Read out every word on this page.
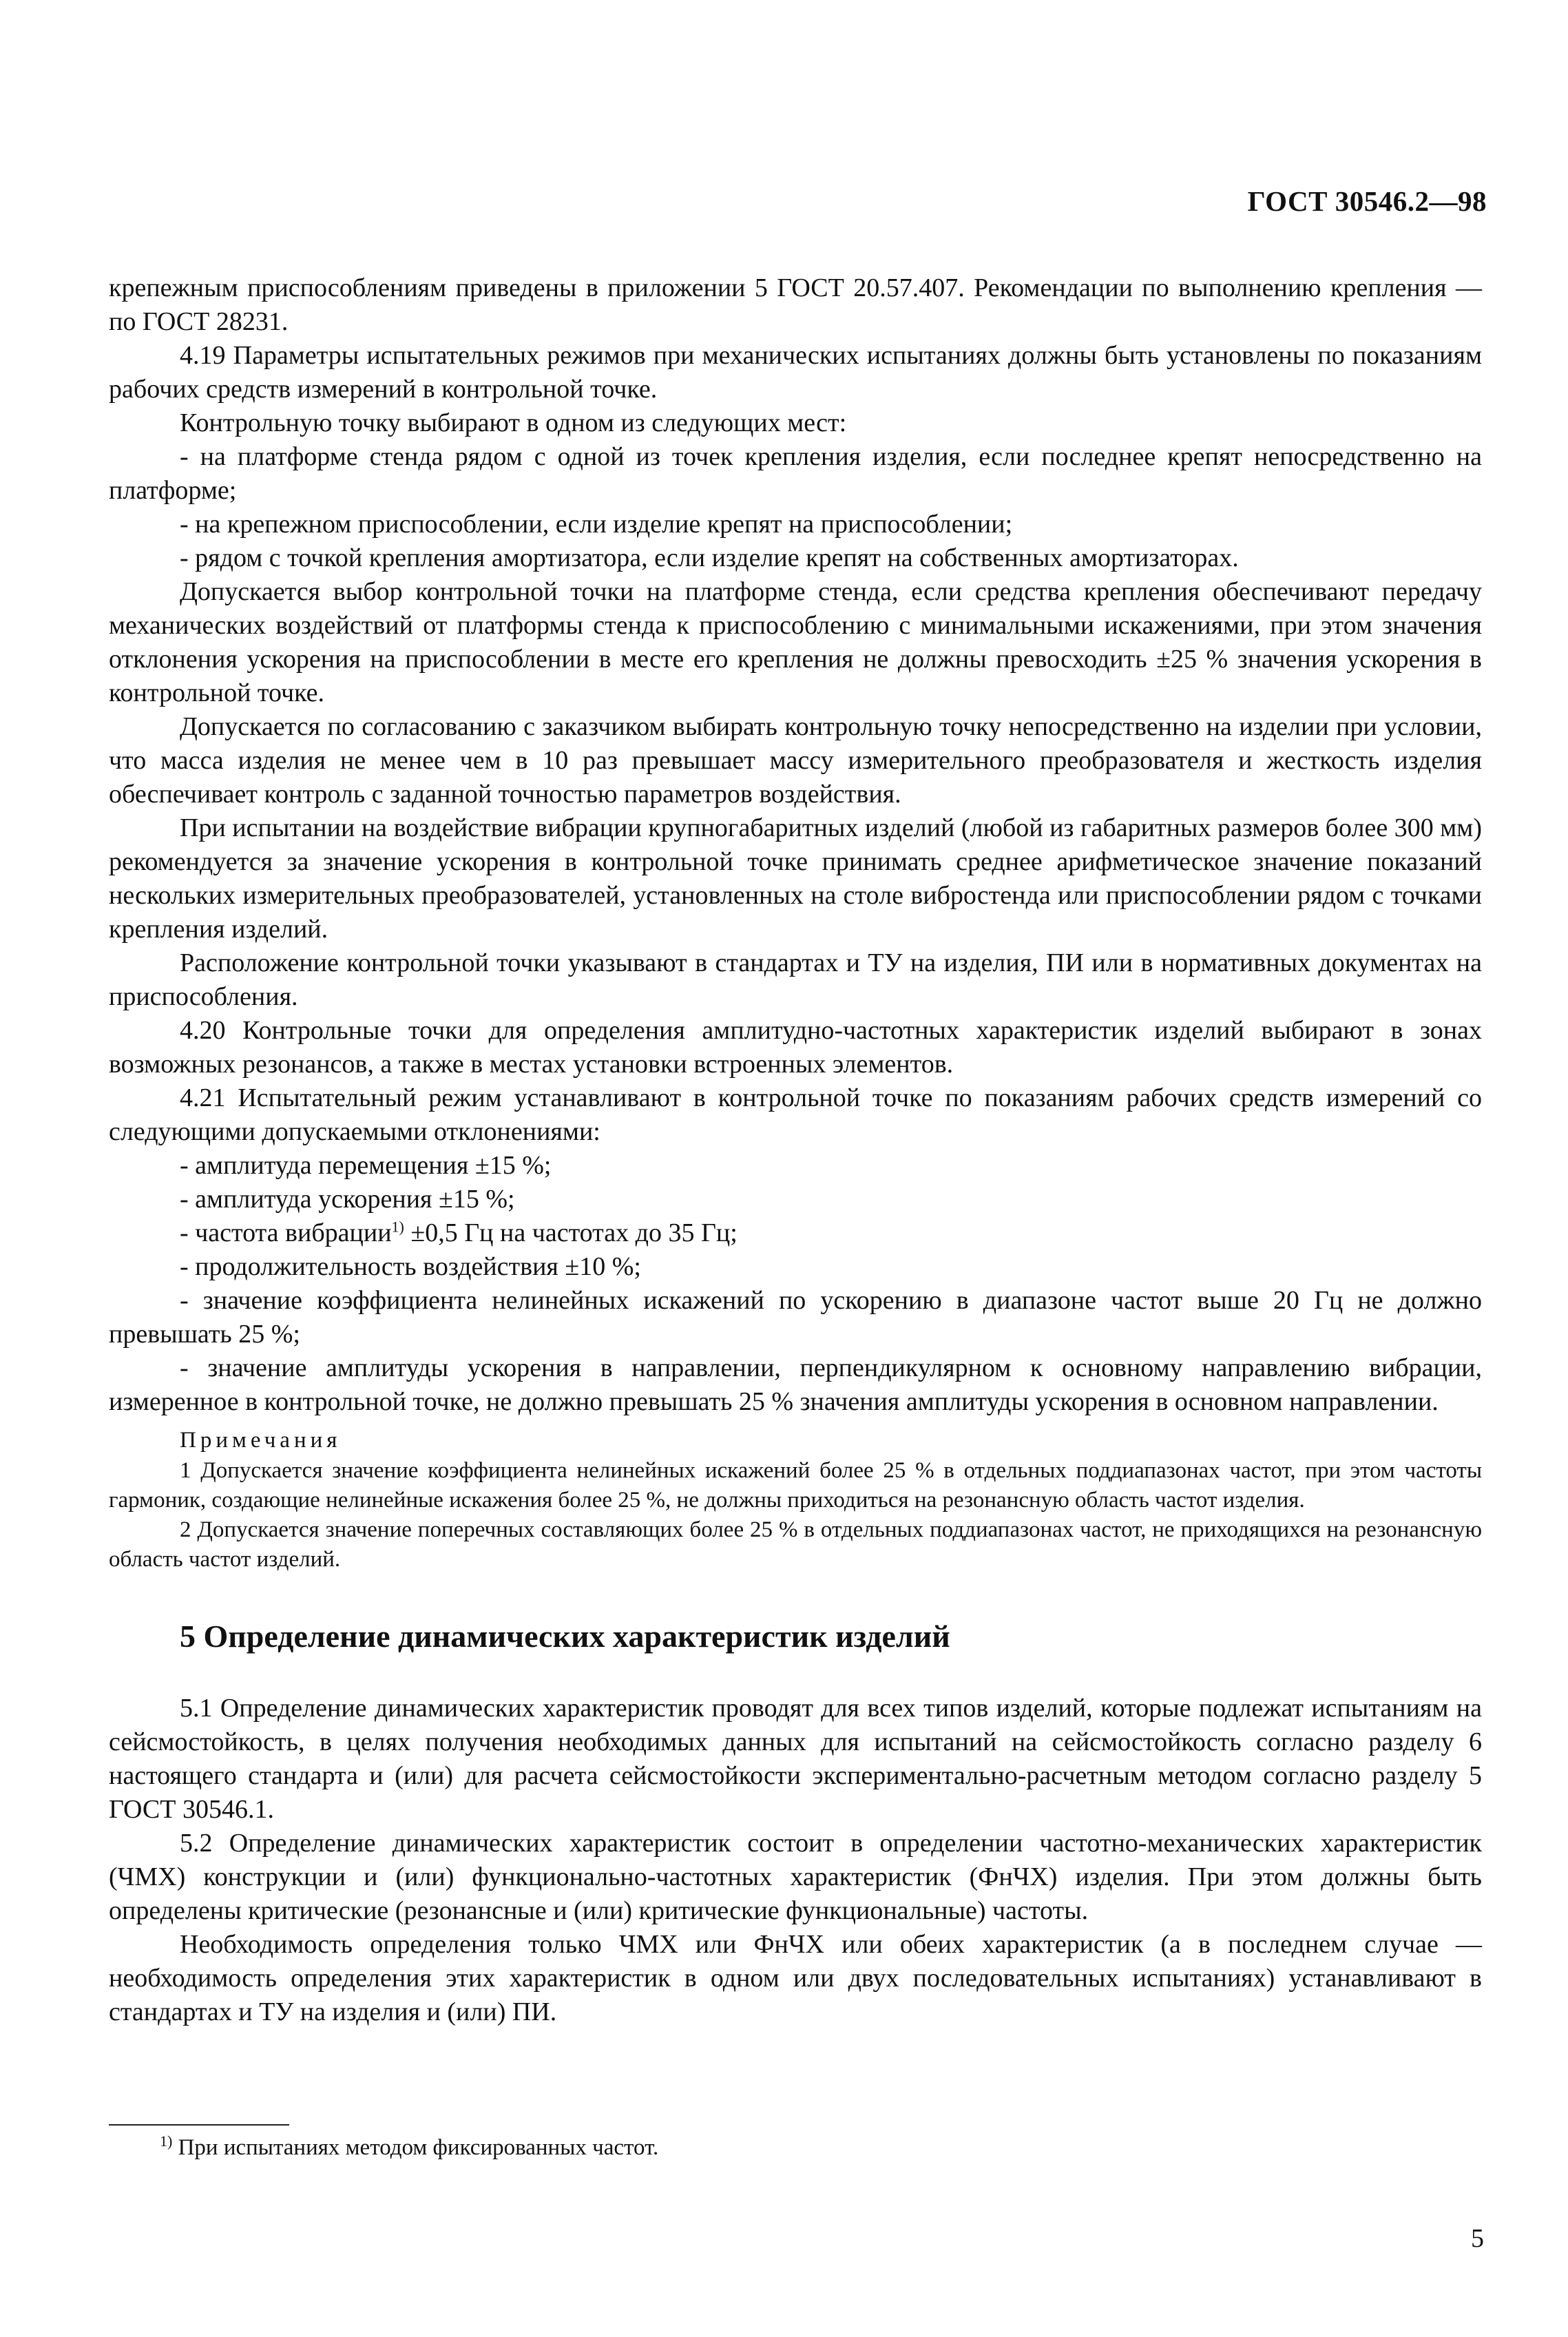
ГОСТ 30546.2—98

крепежным приспособлениям приведены в приложении 5 ГОСТ 20.57.407. Рекомендации по выполнению крепления — по ГОСТ 28231.

4.19 Параметры испытательных режимов при механических испытаниях должны быть установлены по показаниям рабочих средств измерений в контрольной точке.

Контрольную точку выбирают в одном из следующих мест:

- на платформе стенда рядом с одной из точек крепления изделия, если последнее крепят непосредственно на платформе;

- на крепежном приспособлении, если изделие крепят на приспособлении;

- рядом с точкой крепления амортизатора, если изделие крепят на собственных амортизаторах.

Допускается выбор контрольной точки на платформе стенда, если средства крепления обеспечивают передачу механических воздействий от платформы стенда к приспособлению с минимальными искажениями, при этом значения отклонения ускорения на приспособлении в месте его крепления не должны превосходить ±25 % значения ускорения в контрольной точке.

Допускается по согласованию с заказчиком выбирать контрольную точку непосредственно на изделии при условии, что масса изделия не менее чем в 10 раз превышает массу измерительного преобразователя и жесткость изделия обеспечивает контроль с заданной точностью параметров воздействия.

При испытании на воздействие вибрации крупногабаритных изделий (любой из габаритных размеров более 300 мм) рекомендуется за значение ускорения в контрольной точке принимать среднее арифметическое значение показаний нескольких измерительных преобразователей, установленных на столе вибростенда или приспособлении рядом с точками крепления изделий.

Расположение контрольной точки указывают в стандартах и ТУ на изделия, ПИ или в нормативных документах на приспособления.

4.20 Контрольные точки для определения амплитудно-частотных характеристик изделий выбирают в зонах возможных резонансов, а также в местах установки встроенных элементов.

4.21 Испытательный режим устанавливают в контрольной точке по показаниям рабочих средств измерений со следующими допускаемыми отклонениями:

- амплитуда перемещения ±15 %;

- амплитуда ускорения ±15 %;

- частота вибрации$^{1)}$ ±0,5 Гц на частотах до 35 Гц;

- продолжительность воздействия ±10 %;

- значение коэффициента нелинейных искажений по ускорению в диапазоне частот выше 20 Гц не должно превышать 25 %;

- значение амплитуды ускорения в направлении, перпендикулярном к основному направлению вибрации, измеренное в контрольной точке, не должно превышать 25 % значения амплитуды ускорения в основном направлении.

Примечания

1 Допускается значение коэффициента нелинейных искажений более 25 % в отдельных поддиапазонах частот, при этом частоты гармоник, создающие нелинейные искажения более 25 %, не должны приходиться на резонансную область частот изделия.

2 Допускается значение поперечных составляющих более 25 % в отдельных поддиапазонах частот, не приходящихся на резонансную область частот изделий.

5 Определение динамических характеристик изделий

5.1 Определение динамических характеристик проводят для всех типов изделий, которые подлежат испытаниям на сейсмостойкость, в целях получения необходимых данных для испытаний на сейсмостойкость согласно разделу 6 настоящего стандарта и (или) для расчета сейсмостойкости экспериментально-расчетным методом согласно разделу 5 ГОСТ 30546.1.

5.2 Определение динамических характеристик состоит в определении частотно-механических характеристик (ЧМХ) конструкции и (или) функционально-частотных характеристик (ФнЧХ) изделия. При этом должны быть определены критические (резонансные и (или) критические функциональные) частоты.

Необходимость определения только ЧМХ или ФнЧХ или обеих характеристик (а в последнем случае — необходимость определения этих характеристик в одном или двух последовательных испытаниях) устанавливают в стандартах и ТУ на изделия и (или) ПИ.

$^{1)}$ При испытаниях методом фиксированных частот.
5
